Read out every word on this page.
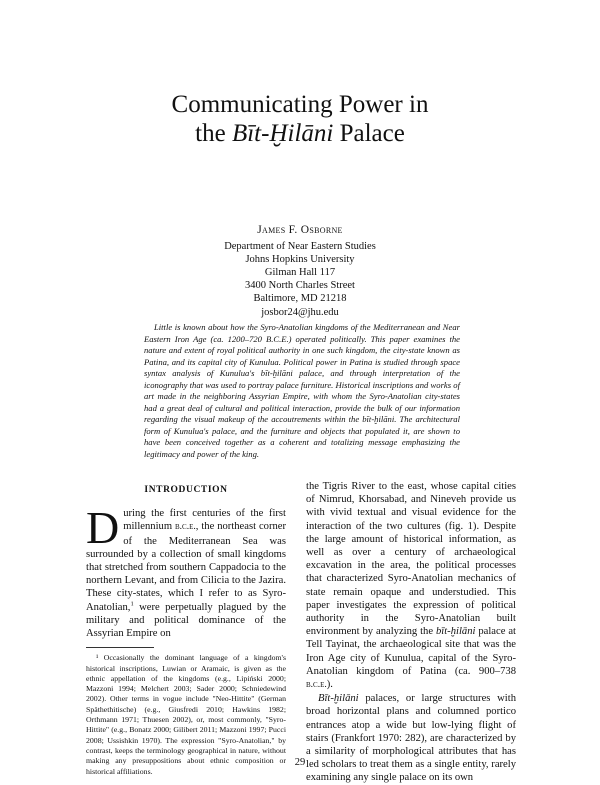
Communicating Power in
the Bīt-Ḫilāni Palace
James F. Osborne
Department of Near Eastern Studies
Johns Hopkins University
Gilman Hall 117
3400 North Charles Street
Baltimore, MD 21218
josbor24@jhu.edu

Little is known about how the Syro-Anatolian kingdoms of the Mediterranean and Near Eastern Iron Age (ca. 1200–720 B.C.E.) operated politically. This paper examines the nature and extent of royal political authority in one such kingdom, the city-state known as Patina, and its capital city of Kunulua. Political power in Patina is studied through space syntax analysis of Kunulua's bīt-ḫilāni palace, and through interpretation of the iconography that was used to portray palace furniture. Historical inscriptions and works of art made in the neighboring Assyrian Empire, with whom the Syro-Anatolian city-states had a great deal of cultural and political interaction, provide the bulk of our information regarding the visual makeup of the accoutrements within the bīt-ḫilāni. The architectural form of Kunulua's palace, and the furniture and objects that populated it, are shown to have been conceived together as a coherent and totalizing message emphasizing the legitimacy and power of the king.

INTRODUCTION

During the first centuries of the first millennium b.c.e., the northeast corner of the Mediterranean Sea was surrounded by a collection of small kingdoms that stretched from southern Cappadocia to the northern Levant, and from Cilicia to the Jazira. These city-states, which I refer to as Syro-Anatolian,$^1$ were perpetually plagued by the military and political dominance of the Assyrian Empire on

¹ Occasionally the dominant language of a kingdom's historical inscriptions, Luwian or Aramaic, is given as the ethnic appellation of the kingdoms (e.g., Lipiński 2000; Mazzoni 1994; Melchert 2003; Sader 2000; Schniedewind 2002). Other terms in vogue include "Neo-Hittite" (German Späthethitische) (e.g., Giusfredi 2010; Hawkins 1982; Orthmann 1971; Thuesen 2002), or, most commonly, "Syro-Hittite" (e.g., Bonatz 2000; Gilibert 2011; Mazzoni 1997; Pucci 2008; Ussishkin 1970). The expression "Syro-Anatolian," by contrast, keeps the terminology geographical in nature, without making any presuppositions about ethnic composition or historical affiliations.

the Tigris River to the east, whose capital cities of Nimrud, Khorsabad, and Nineveh provide us with vivid textual and visual evidence for the interaction of the two cultures (fig. 1). Despite the large amount of historical information, as well as over a century of archaeological excavation in the area, the political processes that characterized Syro-Anatolian mechanics of state remain opaque and understudied. This paper investigates the expression of political authority in the Syro-Anatolian built environment by analyzing the bīt-ḫilāni palace at Tell Tayinat, the archaeological site that was the Iron Age city of Kunulua, capital of the Syro-Anatolian kingdom of Patina (ca. 900–738 b.c.e.).

Bīt-ḫilāni palaces, or large structures with broad horizontal plans and columned portico entrances atop a wide but low-lying flight of stairs (Frankfort 1970: 282), are characterized by a similarity of morphological attributes that has led scholars to treat them as a single entity, rarely examining any single palace on its own

29
